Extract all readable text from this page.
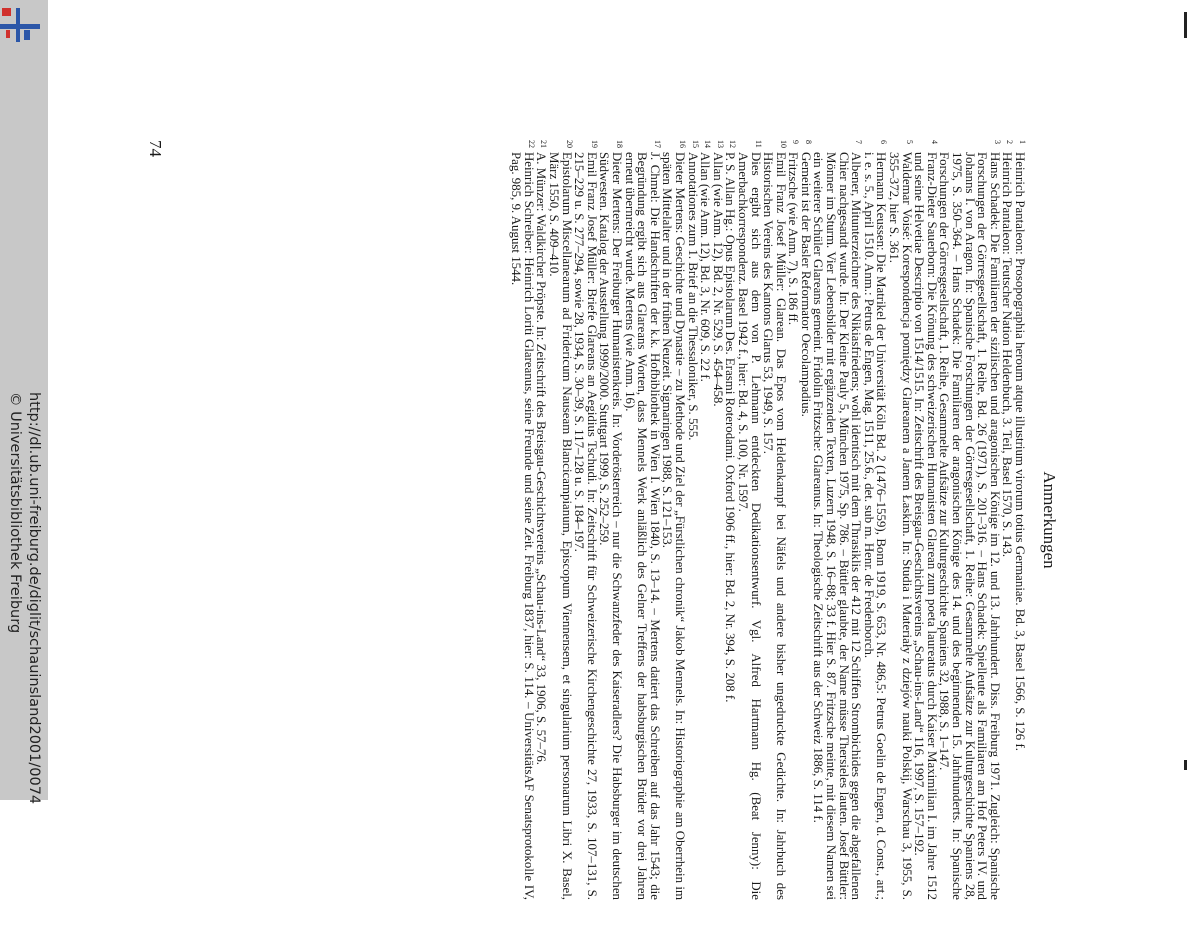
http://dl.ub.uni-freiburg.de/diglit/schauinsland2001/0074
© Universitätsbibliothek Freiburg	Anmerkungen
1
Heinrich Pantaleon: Prosopographia heroum atque illustrium virorum totius Germaniae. Bd. 3, Basel 1566, S. 126 f.
2
Heinrich Pantaleon: Teutscher Nation Heldenbuch, 3. Teil, Basel 1570, S. 143.
3
Hans Schadek: Die Familiaren der sizilischen und aragonischen Könige im 12. und 13. Jahrhundert. Diss. Freiburg 1971. Zugleich: Spanische Forschungen der Görresgesellschaft, 1. Reihe, Bd. 26 (1971), S. 201–316. – Hans Schadek: Spielleute als Familiaren am Hof Peters IV. und Johanns I. von Aragon. In: Spanische Forschungen der Görresgesellschaft, 1. Reihe: Gesammelte Aufsätze zur Kulturgeschichte Spaniens 28, 1975, S. 350–364. – Hans Schadek: Die Familiaren der aragonischen Könige des 14. und des beginnenden 15. Jahrhunderts. In: Spanische Forschungen der Görresgesellschaft, 1. Reihe, Gesammelte Aufsätze zur Kulturgeschichte Spaniens 32, 1988, S. 1–147.
4
Franz-Dieter Sauerborn: Die Krönung des schweizerischen Humanisten Glarean zum poeta laureatus durch Kaiser Maximilian I. im Jahre 1512 und seine Helvetiae Descriptio von 1514/1515. In: Zeitschrift des Breisgau-Geschichtsvereins „Schau-ins-Land“ 116, 1997, S. 157–192.
5
Waldemar Voisé: Korespondencja pomiędzy Glareanem a Janem Łaskim. In: Studia i Materiały z dziejów nauki Polskij, Warschau 3, 1955, S. 355–372, hier S. 361.
6
Hermann Keussen: Die Matrikel der Universität Köln Bd. 2 (1476–1559), Bonn 1919, S. 653, Nr. 486,5: Petrus Goelin de Engen, d. Const., art.; i. e. s. 5., April 1510. Anm.: Petrus de Engen, Mag. 1511, 25.6., det. sub m. Henr. de Fredenborch.
7
Albener, Mitunterzeichner des Nikiasfriedens; wohl identisch mit dem Thrasiklis der 412 mit 12 Schiffen Strombichides gegen die abgefallenen Chier nachgesandt wurde. In: Der Kleine Pauly 5, München 1975, Sp. 786. – Büttler glaubte, der Name müsse Thersieles lauten. Josef Büttler: Mönner im Sturm. Vier Lebensbilder mit ergänzenden Texten, Luzern 1948, S. 16–88; 33 f. Hier S. 87. Fritzsche meinte, mit diesem Namen sei ein weiterer Schüler Glareans gemeint. Fridolin Fritzsche: Glareanus. In: Theologische Zeitschrift aus der Schweiz 1886, S. 114 f.
8
Gemeint ist der Basler Reformator Oecolampadius.
9
Fritzsche (wie Anm. 7), S. 186 ff.
10
Emil Franz Josef Müller: Glarean. Das Epos vom Heldenkampf bei Näfels und andere bisher ungedruckte Gedichte. In: Jahrbuch des Historischen Vereins des Kantons Glarus 53, 1949, S. 157.
11
Dies ergibt sich aus dem von P. Lehmann entdeckten Dedikationsentwurf. Vgl. Alfred Hartmann Hg. (Beat Jenny): Die Amerbachkorrespondenz. Basel 1942 f., hier: Bd. 4, S. 100, Nr. 1597.
12
P. S. Allan Hg.: Opus Epistolarum Des. Erasmi Roterodami. Oxford 1906 ff., hier: Bd. 2, Nr. 394, S. 208 f.
13
Allan (wie Anm. 12), Bd. 2, Nr. 529, S. 454–458.
14
Allan (wie Anm. 12), Bd. 3, Nr. 609, S. 22 f.
15
Annotationes zum 1. Brief an die Thessaloniker, S. 555.
16
Dieter Mertens: Geschichte und Dynastie – zu Methode und Ziel der „Fürstlichen chronik“ Jakob Mennels. In: Historiographie am Oberrhein im späten Mittelalter und in der frühen Neuzeit. Sigmaringen 1988, S. 121–153.
17
J. Chmel: Die Handschriften der k.k. Hofbibliothek in Wien I. Wien 1840, S. 13–14. – Mertens datiert das Schreiben auf das Jahr 1543; die Begründung ergibt sich aus Glareans Worten, dass Mennels Werk anläßlich des Gelner Treffens der habsburgischen Brüder vor drei Jahren erneut übernreicht wurde. Mertens (wie Anm. 16).
18
Dieter Mertens: Der Freiburger Humanistenkreis. In: Vorderösterreich – nur die Schwanzfeder des Kaiseradlers? Die Habsburger im deutschen Südwesten. Katalog der Ausstellung 1999/2000. Stuttgart 1999, S. 252–259.
19
Emil Franz Josef Müller: Briefe Glareans an Aegidius Tschudi. In: Zeitschrift für Schweizerische Kirchengeschichte 27, 1933, S. 107–131, S. 215–229 u. S. 277–294, sowie 28, 1934, S. 30–39, S. 117–128 u. S. 184–197.
20
Epistolarum Miscellanearum ad Fridericum Nauseam Blancicampianum, Episcopum Viennensem, et singularium personarum Libri X. Basel, März 1550, S. 409–410.
21
A. Münzer: Waldkircher Pröpste. In: Zeitschrift des Breisgau-Geschichtsvereins „Schau-ins-Land“ 33, 1906, S. 57–76.
22
Heinrich Schreiber: Heinrich Loriti Glareanus, seine Freunde und seine Zeit. Freiburg 1837, hier: S. 114. – UniversitätsAF Senatsprotokolle IV, Pag. 985, 9. August 1544.
74
